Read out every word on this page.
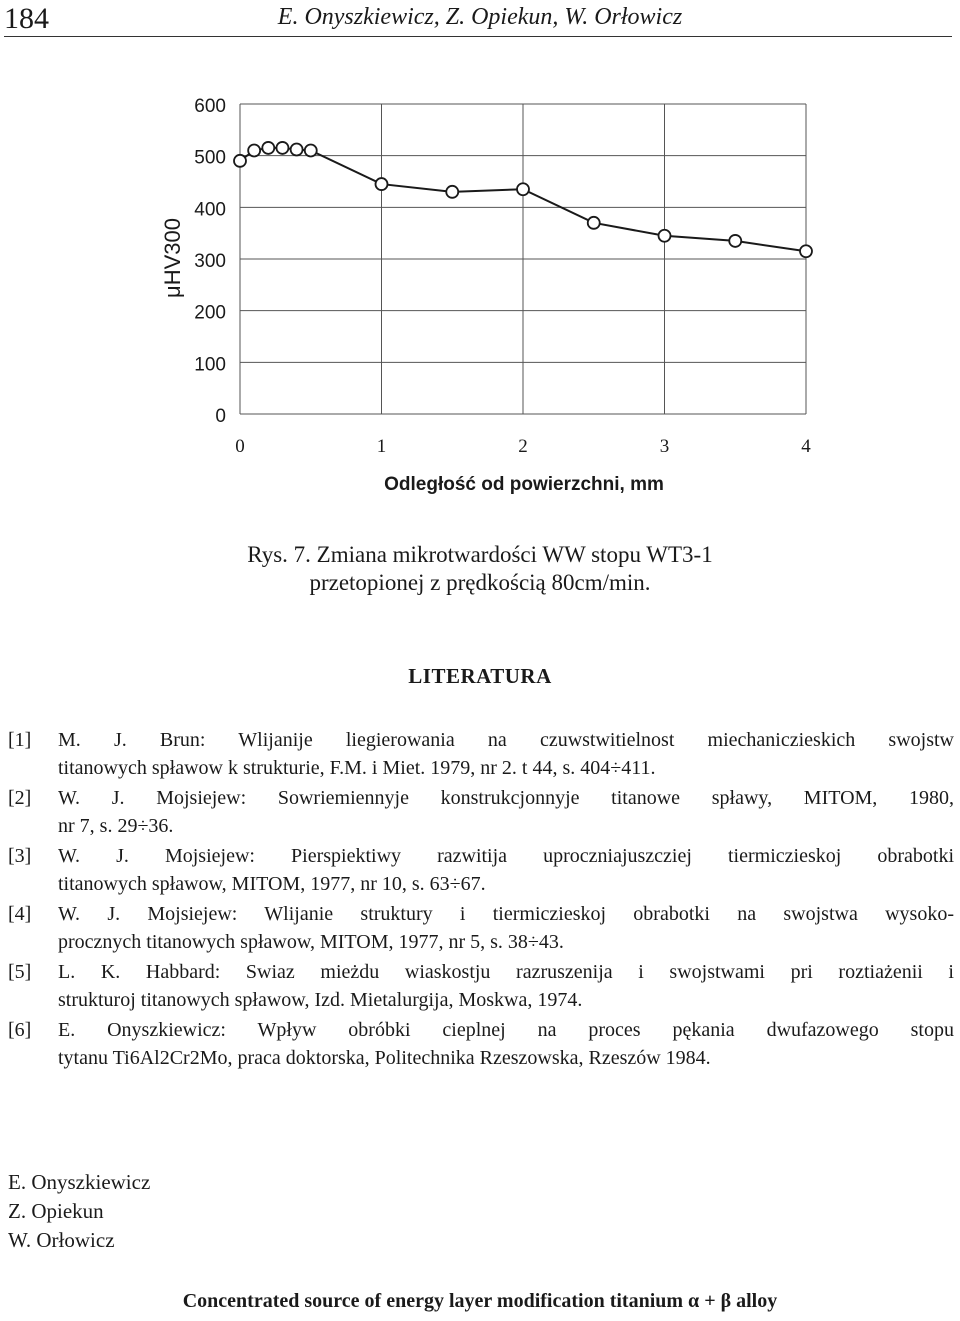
184	E. Onyszkiewicz, Z. Opiekun, W. Orłowicz
0
100
200
300
400
500
600
0	1	2	3	4
μHV300
Odległość od powierzchni, mm
Rys. 7. Zmiana mikrotwardości WW stopu WT3-1
przetopionej z prędkością 80cm/min.
LITERATURA
[1] M. J. Brun: Wlijanije liegierowania na czuwstwitielnost miechaniczieskich swojstw
titanowych spławow k strukturie, F.M. i Miet. 1979, nr 2. t 44, s. 404÷411.
[2] W. J. Mojsiejew: Sowriemiennyje konstrukcjonnyje titanowe spławy, MITOM, 1980,
nr 7, s. 29÷36.
[3] W. J. Mojsiejew: Pierspiektiwy razwitija uproczniajuszcziej tiermiczieskoj obrabotki
titanowych spławow, MITOM, 1977, nr 10, s. 63÷67.
[4] W. J. Mojsiejew: Wlijanie struktury i tiermiczieskoj obrabotki na swojstwa wysoko-
procznych titanowych spławow, MITOM, 1977, nr 5, s. 38÷43.
[5] L. K. Habbard: Swiaz mieżdu wiaskostju razruszenija i swojstwami pri roztiażenii i
strukturoj titanowych spławow, Izd. Mietalurgija, Moskwa, 1974.
[6] E. Onyszkiewicz: Wpływ obróbki cieplnej na proces pękania dwufazowego stopu
tytanu Ti6Al2Cr2Mo, praca doktorska, Politechnika Rzeszowska, Rzeszów 1984.
E. Onyszkiewicz
Z. Opiekun
W. Orłowicz
Concentrated source of energy layer modification titanium α + β alloy
